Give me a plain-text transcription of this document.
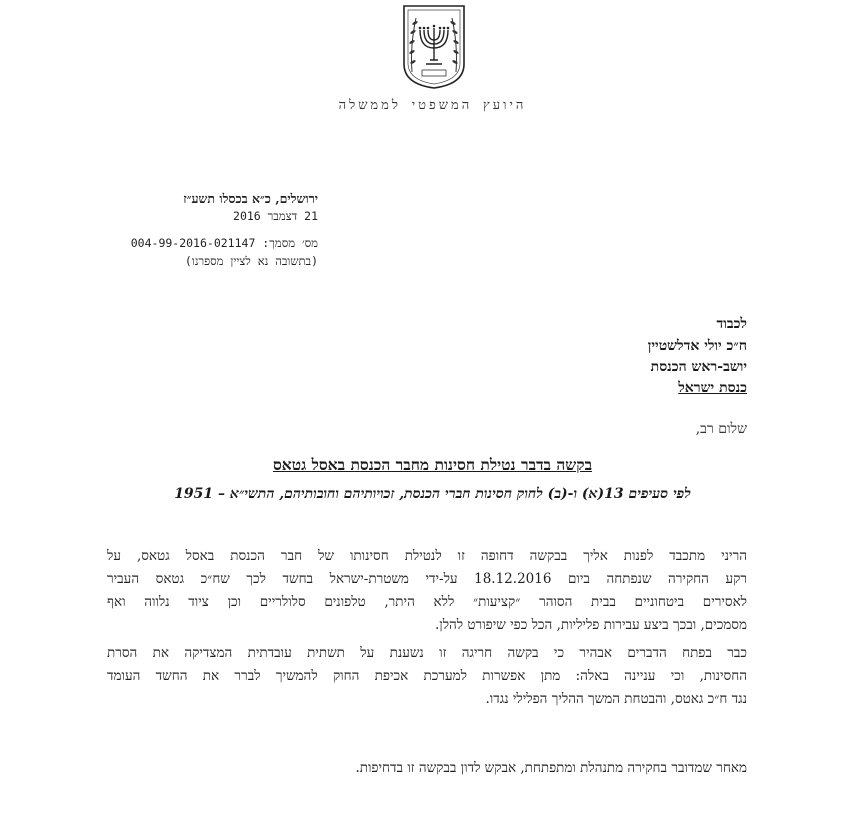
היועץ המשפטי לממשלה
ירושלים, כ״א בכסלו תשע״ז
21 דצמבר 2016
מס׳ מסמך: 004-99-2016-021147
(בתשובה נא לציין מספרנו)
לכבוד
ח״כ יולי אדלשטיין
יושב-ראש הכנסת
כנסת ישראל
שלום רב,
בקשה בדבר נטילת חסינות מחבר הכנסת באסל גטאס
לפי סעיפים 13(א) ו-(ב) לחוק חסינות חברי הכנסת, זכויותיהם וחובותיהם, התשי״א – 1951
הריני מתכבד לפנות אליך בבקשה דחופה זו לנטילת חסינותו של חבר הכנסת באסל גטאס, על
רקע החקירה שנפתחה ביום 18.12.2016 על-ידי משטרת-ישראל בחשד לכך שח״כ גטאס העביר
לאסירים ביטחוניים בבית הסוהר ״קציעות״ ללא היתר, טלפונים סלולריים וכן ציוד נלווה ואף
מסמכים, ובכך ביצע עבירות פליליות, הכל כפי שיפורט להלן.
כבר בפתח הדברים אבהיר כי בקשה חריגה זו נשענת על תשתית עובדתית המצדיקה את הסרת
החסינות, וכי עניינה באלה: מתן אפשרות למערכת אכיפת החוק להמשיך לברר את החשד העומד
נגד ח״כ גאטס, והבטחת המשך ההליך הפלילי נגדו.
מאחר שמדובר בחקירה מתנהלת ומתפתחת, אבקש לדון בבקשה זו בדחיפות.
